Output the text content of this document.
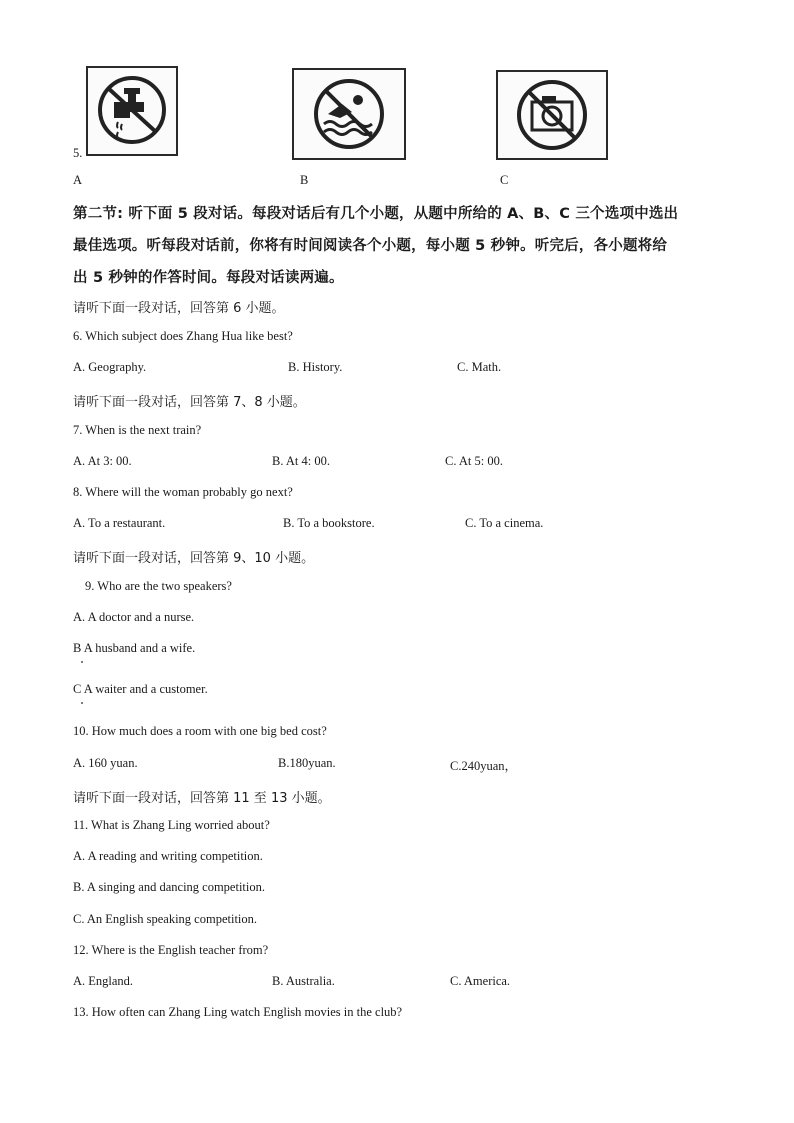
5.
A	B	C
第二节: 听下面 5 段对话。每段对话后有几个小题，从题中所给的 A、B、C 三个选项中选出
最佳选项。听每段对话前，你将有时间阅读各个小题，每小题 5 秒钟。听完后，各小题将给
出 5 秒钟的作答时间。每段对话读两遍。
请听下面一段对话，回答第 6 小题。
6. Which subject does Zhang Hua like best?
A. Geography.	B. History.	C. Math.
请听下面一段对话，回答第 7、8 小题。
7. When is the next train?
A. At 3: 00.	B. At 4: 00.	C. At 5: 00.
8. Where will the woman probably go next?
A. To a restaurant.	B. To a bookstore.	C. To a cinema.
请听下面一段对话，回答第 9、10 小题。
9. Who are the two speakers?
A. A doctor and a nurse.
B A husband and a wife.
C A waiter and a customer.
10. How much does a room with one big bed cost?
A. 160 yuan.	B.180yuan.	C.240yuan，
请听下面一段对话，回答第 11 至 13 小题。
11. What is Zhang Ling worried about?
A. A reading and writing competition.
B. A singing and dancing competition.
C. An English speaking competition.
12. Where is the English teacher from?
A. England.	B. Australia.	C. America.
13. How often can Zhang Ling watch English movies in the club?
